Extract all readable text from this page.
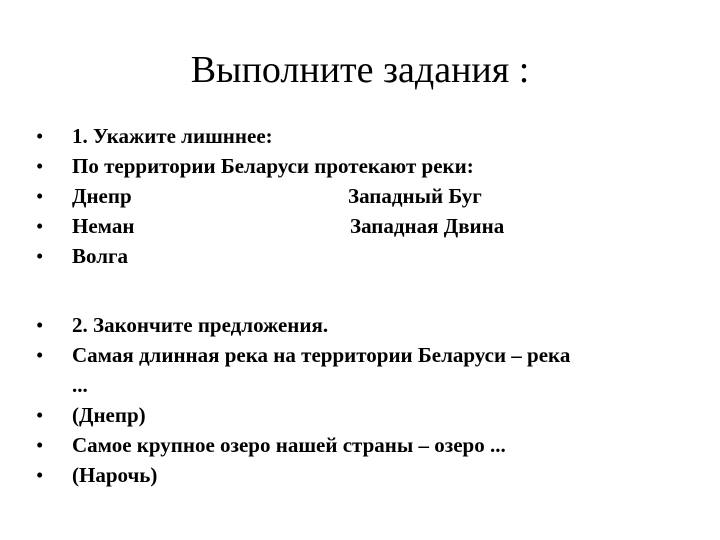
Выполните задания :
• 1. Укажите лишннее:
• По территории Беларуси протекают реки:
• Днепр	Западный Буг
• Неман	Западная Двина
• Волга
• 2. Закончите предложения.
• Самая длинная река на территории Беларуси – река
...
• (Днепр)
• Самое крупное озеро нашей страны – озеро ...
• (Нарочь)
